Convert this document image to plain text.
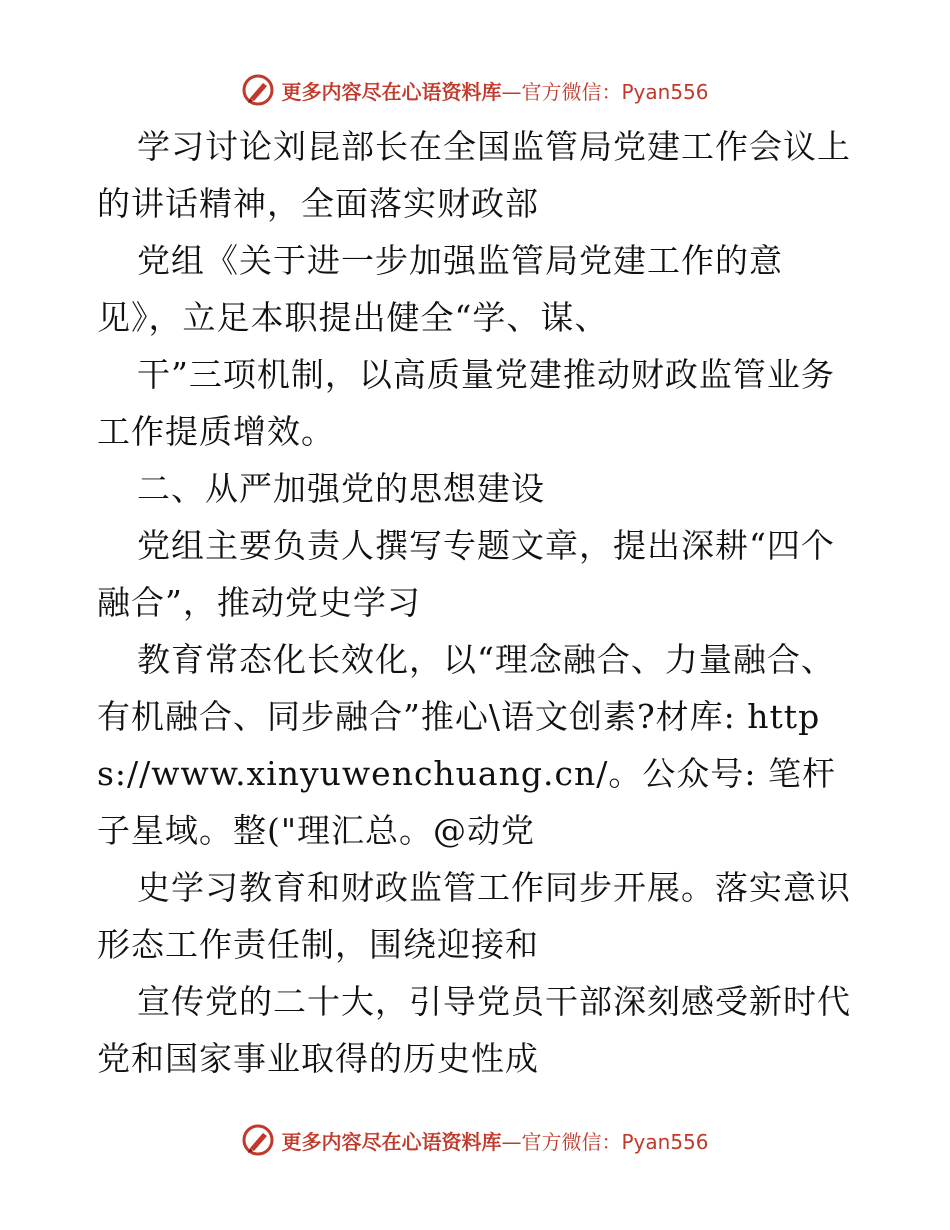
更多内容尽在心语资料库—官方微信：Pyan556

学习讨论刘昆部长在全国监管局党建工作会议上的讲话精神，全面落实财政部

党组《关于进一步加强监管局党建工作的意见》，立足本职提出健全“学、谋、

干”三项机制，以高质量党建推动财政监管业务工作提质增效。

二、从严加强党的思想建设

党组主要负责人撰写专题文章，提出深耕“四个融合”，推动党史学习

教育常态化长效化，以“理念融合、力量融合、有机融合、同步融合”推心\语文创素?材库: https://www.xinyuwenchuang.cn/。公众号: 笔杆子星域。整("理汇总。@动党

史学习教育和财政监管工作同步开展。落实意识形态工作责任制，围绕迎接和

宣传党的二十大，引导党员干部深刻感受新时代党和国家事业取得的历史性成

更多内容尽在心语资料库—官方微信：Pyan556
